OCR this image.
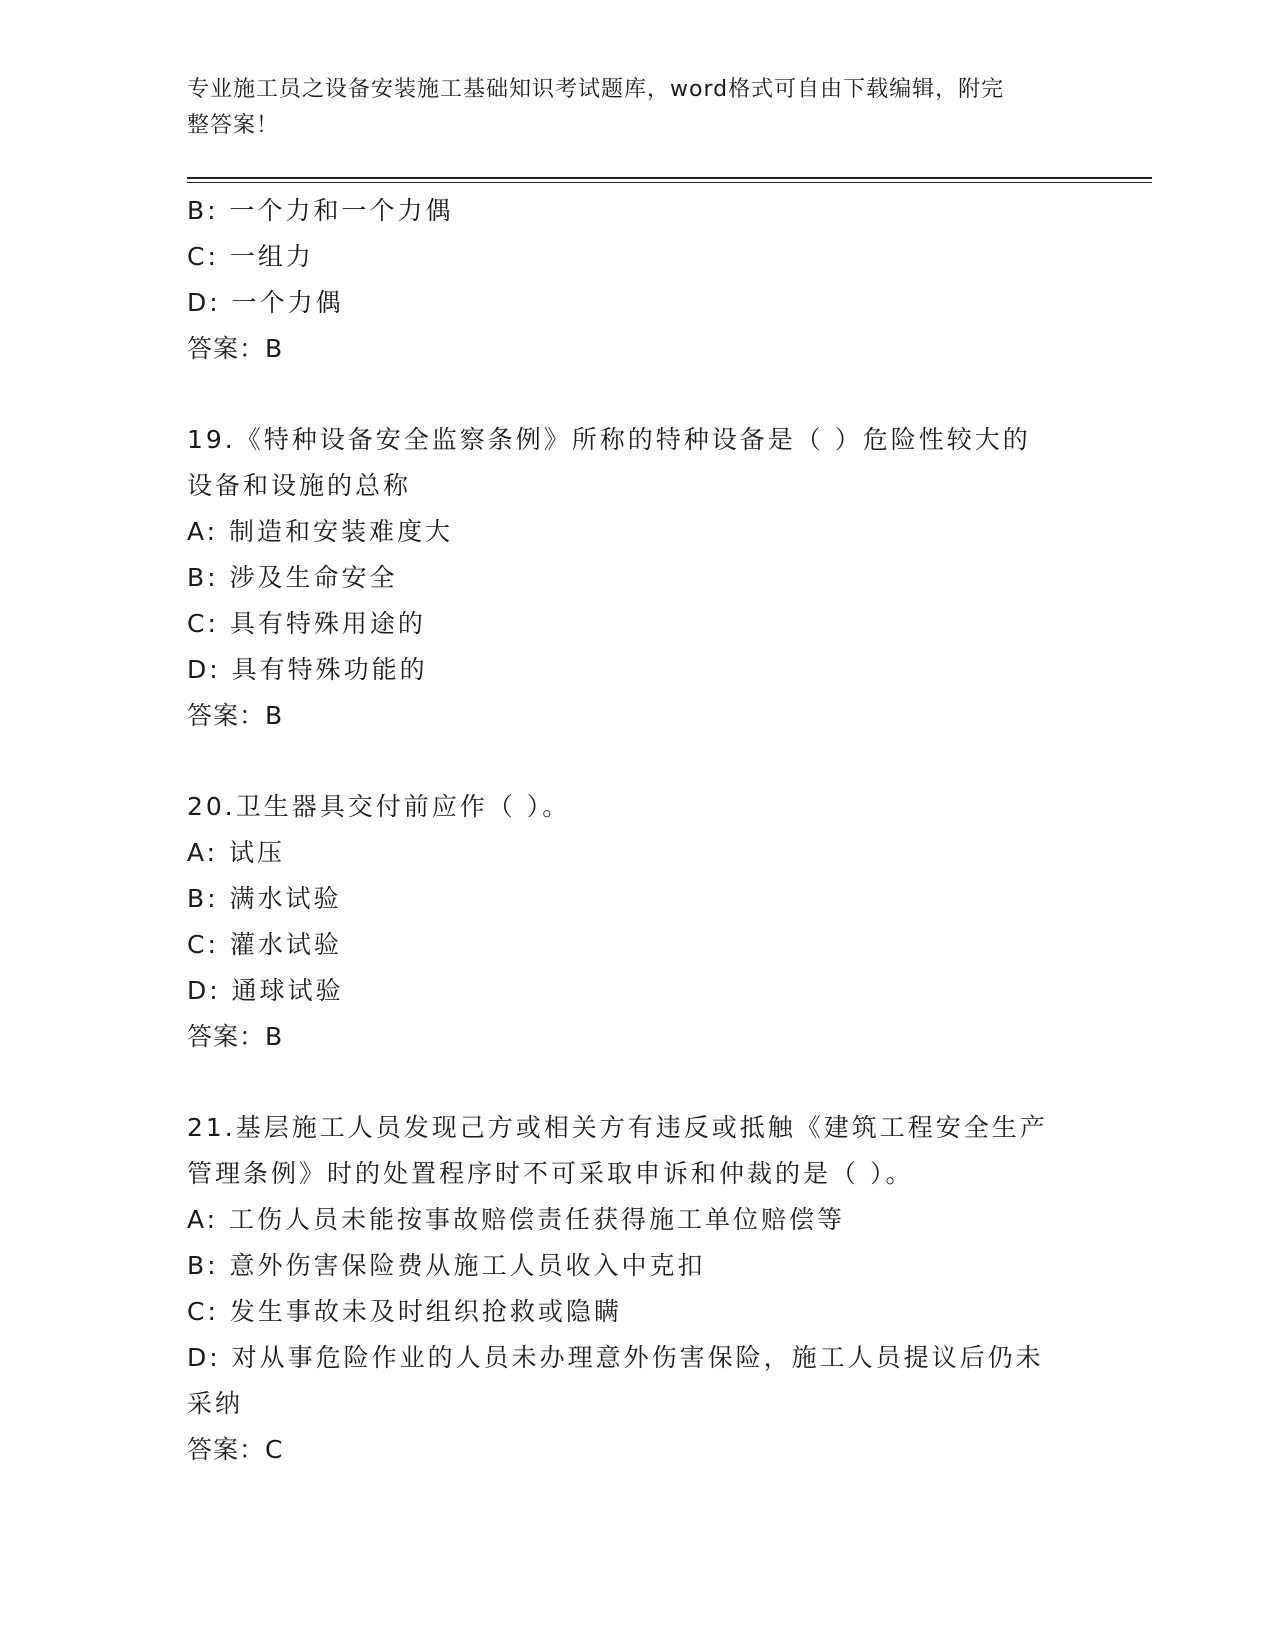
专业施工员之设备安装施工基础知识考试题库，word格式可自由下载编辑，附完
整答案！
B: 一个力和一个力偶
C: 一组力
D: 一个力偶
答案：B
19.《特种设备安全监察条例》所称的特种设备是（ ）危险性较大的
设备和设施的总称
A: 制造和安装难度大
B: 涉及生命安全
C: 具有特殊用途的
D: 具有特殊功能的
答案：B
20.卫生器具交付前应作（ ）。
A: 试压
B: 满水试验
C: 灌水试验
D: 通球试验
答案：B
21.基层施工人员发现己方或相关方有违反或抵触《建筑工程安全生产
管理条例》时的处置程序时不可采取申诉和仲裁的是（ ）。
A: 工伤人员未能按事故赔偿责任获得施工单位赔偿等
B: 意外伤害保险费从施工人员收入中克扣
C: 发生事故未及时组织抢救或隐瞒
D: 对从事危险作业的人员未办理意外伤害保险，施工人员提议后仍未
采纳
答案：C
